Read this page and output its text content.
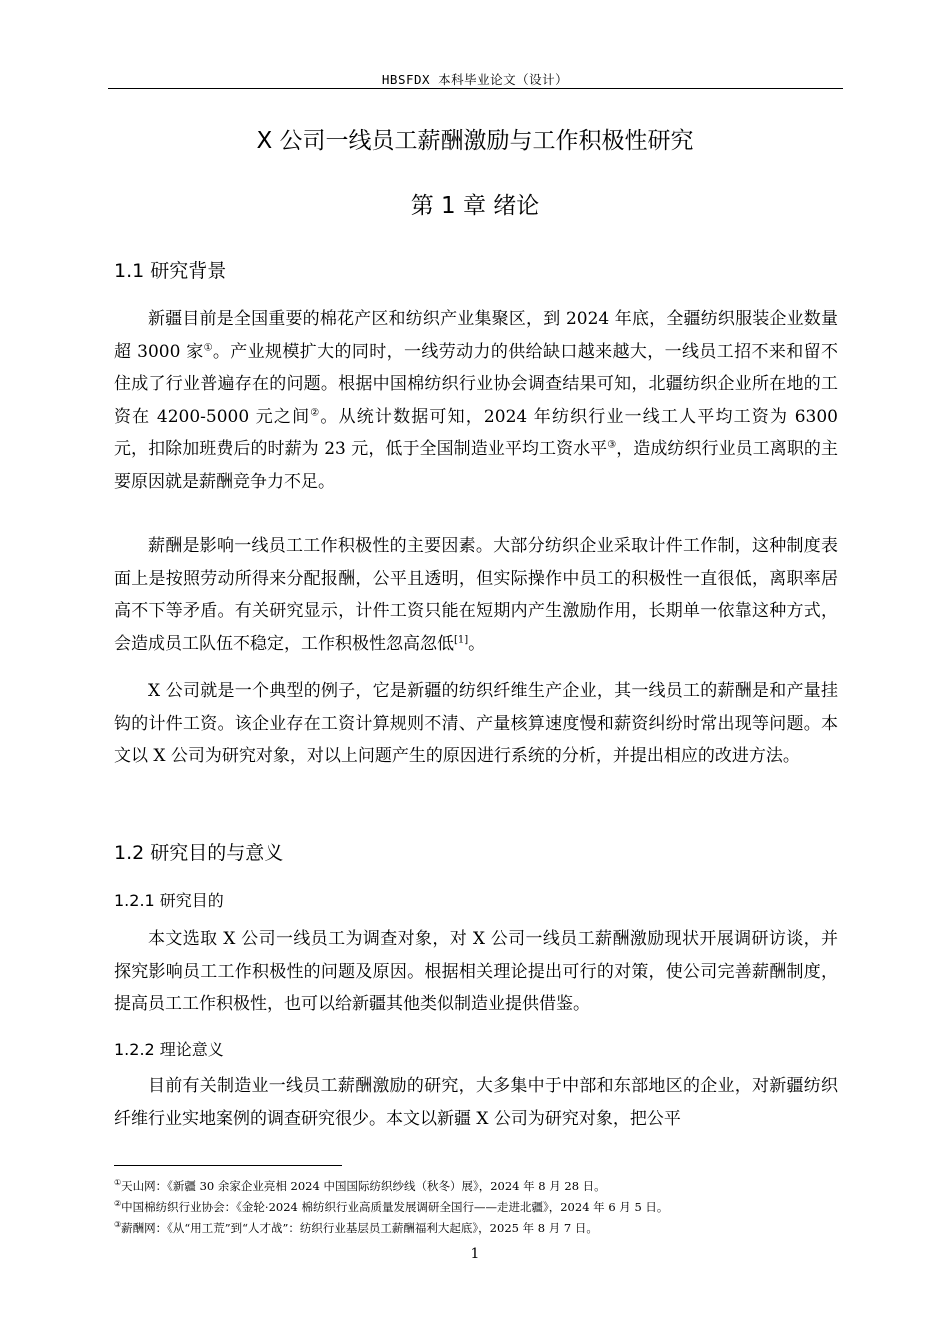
HBSFDX 本科毕业论文（设计）
X 公司一线员工薪酬激励与工作积极性研究
第 1 章 绪论
1.1 研究背景

新疆目前是全国重要的棉花产区和纺织产业集聚区，到 2024 年底，全疆纺织服装企业数量超 3000 家①。产业规模扩大的同时，一线劳动力的供给缺口越来越大，一线员工招不来和留不住成了行业普遍存在的问题。根据中国棉纺织行业协会调查结果可知，北疆纺织企业所在地的工资在 4200-5000 元之间②。从统计数据可知，2024 年纺织行业一线工人平均工资为 6300 元，扣除加班费后的时薪为 23 元，低于全国制造业平均工资水平③，造成纺织行业员工离职的主要原因就是薪酬竞争力不足。

薪酬是影响一线员工工作积极性的主要因素。大部分纺织企业采取计件工作制，这种制度表面上是按照劳动所得来分配报酬，公平且透明，但实际操作中员工的积极性一直很低，离职率居高不下等矛盾。有关研究显示，计件工资只能在短期内产生激励作用，长期单一依靠这种方式，会造成员工队伍不稳定，工作积极性忽高忽低[1]。

X 公司就是一个典型的例子，它是新疆的纺织纤维生产企业，其一线员工的薪酬是和产量挂钩的计件工资。该企业存在工资计算规则不清、产量核算速度慢和薪资纠纷时常出现等问题。本文以 X 公司为研究对象，对以上问题产生的原因进行系统的分析，并提出相应的改进方法。

1.2 研究目的与意义
1.2.1 研究目的

本文选取 X 公司一线员工为调查对象，对 X 公司一线员工薪酬激励现状开展调研访谈，并探究影响员工工作积极性的问题及原因。根据相关理论提出可行的对策，使公司完善薪酬制度，提高员工工作积极性，也可以给新疆其他类似制造业提供借鉴。

1.2.2 理论意义

目前有关制造业一线员工薪酬激励的研究，大多集中于中部和东部地区的企业，对新疆纺织纤维行业实地案例的调查研究很少。本文以新疆 X 公司为研究对象，把公平

①天山网：《新疆 30 余家企业亮相 2024 中国国际纺织纱线（秋冬）展》，2024 年 8 月 28 日。
②中国棉纺织行业协会：《金轮·2024 棉纺织行业高质量发展调研全国行——走进北疆》，2024 年 6 月 5 日。
③薪酬网：《从“用工荒”到“人才战”：纺织行业基层员工薪酬福利大起底》，2025 年 8 月 7 日。
1
